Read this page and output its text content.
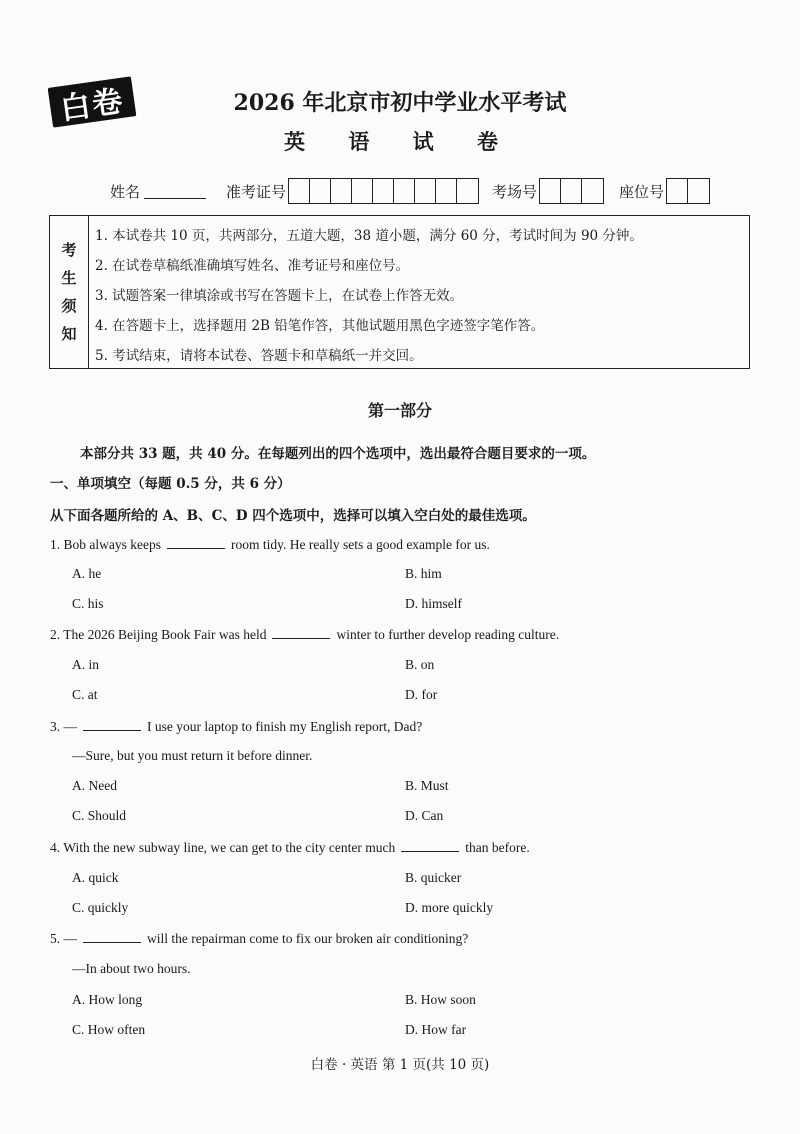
白卷	2026 年北京市初中学业水平考试
英 语 试 卷
姓名	准考证号	考场号	座位号
考
生
须
知
1. 本试卷共 10 页，共两部分，五道大题，38 道小题，满分 60 分，考试时间为 90 分钟。
2. 在试卷草稿纸准确填写姓名、准考证号和座位号。
3. 试题答案一律填涂或书写在答题卡上，在试卷上作答无效。
4. 在答题卡上，选择题用 2B 铅笔作答，其他试题用黑色字迹签字笔作答。
5. 考试结束，请将本试卷、答题卡和草稿纸一并交回。
第一部分
本部分共 33 题，共 40 分。在每题列出的四个选项中，选出最符合题目要求的一项。
一、单项填空（每题 0.5 分，共 6 分）
从下面各题所给的 A、B、C、D 四个选项中，选择可以填入空白处的最佳选项。
1. Bob always keeps	room tidy. He really sets a good example for us.
A. he	B. him
C. his	D. himself
2. The 2026 Beijing Book Fair was held	winter to further develop reading culture.
A. in	B. on
C. at	D. for
3. —	I use your laptop to finish my English report, Dad?
—Sure, but you must return it before dinner.
A. Need	B. Must
C. Should	D. Can
4. With the new subway line, we can get to the city center much	than before.
A. quick	B. quicker
C. quickly	D. more quickly
5. —	will the repairman come to fix our broken air conditioning?
—In about two hours.
A. How long	B. How soon
C. How often	D. How far
白卷 · 英语 第 1 页(共 10 页)
